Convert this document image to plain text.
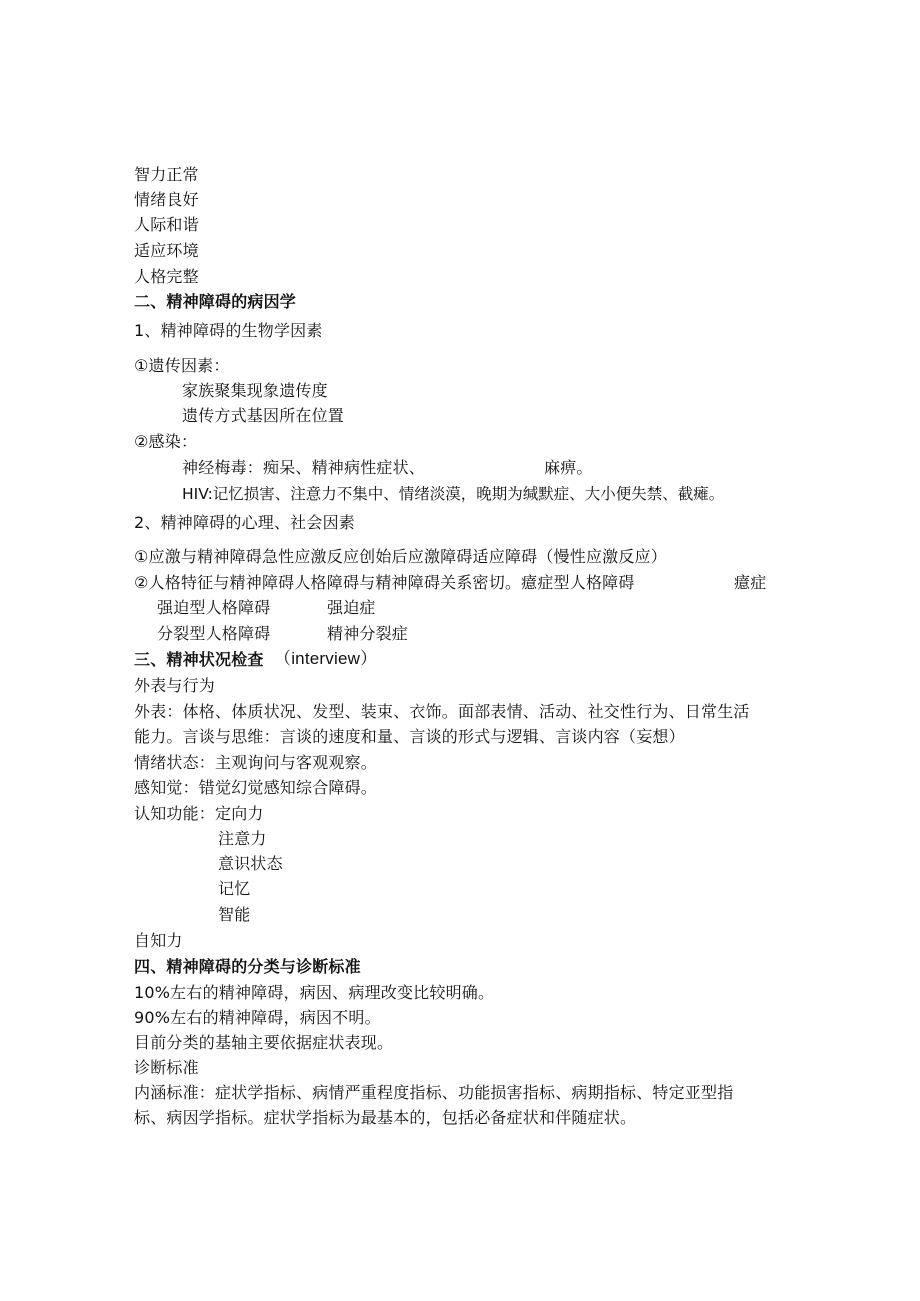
智力正常
情绪良好
人际和谐
适应环境
人格完整
二、精神障碍的病因学
1、精神障碍的生物学因素
①遗传因素：
家族聚集现象遗传度
遗传方式基因所在位置
②感染：
神经梅毒：痴呆、精神病性症状、	麻痹。
HIV:记忆损害、注意力不集中、情绪淡漠，晚期为缄默症、大小便失禁、截瘫。
2、精神障碍的心理、社会因素
①应激与精神障碍急性应激反应创始后应激障碍适应障碍（慢性应激反应）
②人格特征与精神障碍人格障碍与精神障碍关系密切。癔症型人格障碍	癔症
强迫型人格障碍	强迫症
分裂型人格障碍	精神分裂症
三、精神状况检查 （interview）
外表与行为
外表：体格、体质状况、发型、装束、衣饰。面部表情、活动、社交性行为、日常生活
能力。言谈与思维：言谈的速度和量、言谈的形式与逻辑、言谈内容（妄想）
情绪状态：主观询问与客观观察。
感知觉：错觉幻觉感知综合障碍。
认知功能：定向力
注意力
意识状态
记忆
智能
自知力
四、精神障碍的分类与诊断标准
10%左右的精神障碍，病因、病理改变比较明确。
90%左右的精神障碍，病因不明。
目前分类的基轴主要依据症状表现。
诊断标准
内涵标准：症状学指标、病情严重程度指标、功能损害指标、病期指标、特定亚型指
标、病因学指标。症状学指标为最基本的，包括必备症状和伴随症状。
